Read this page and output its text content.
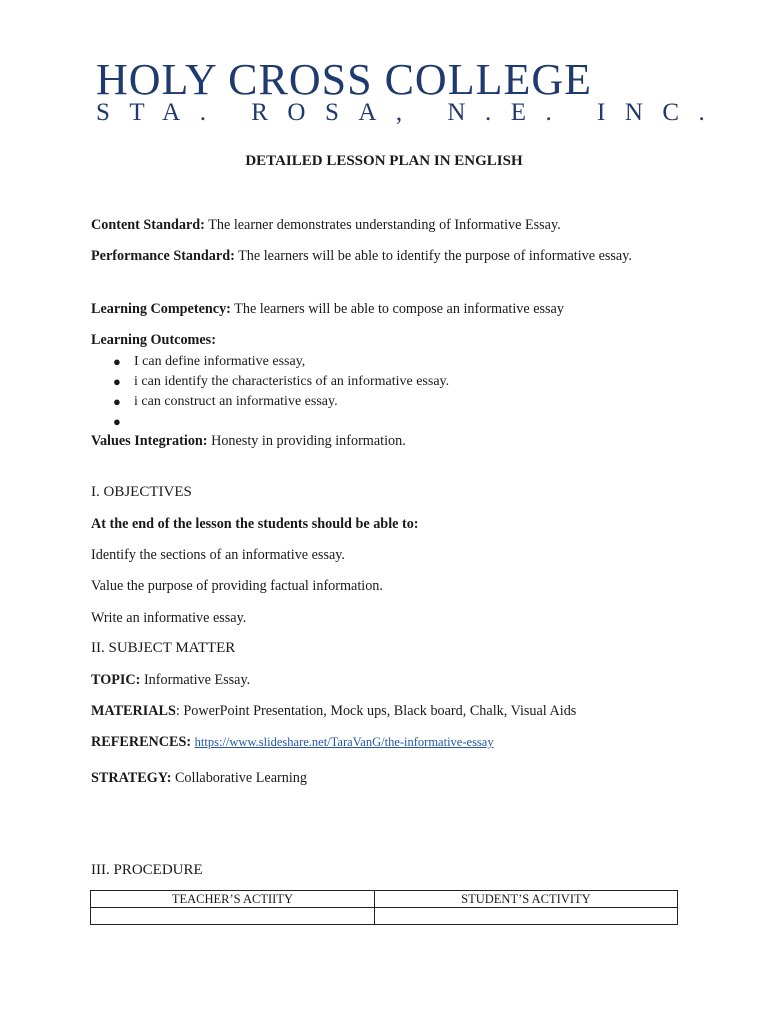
HOLY CROSS COLLEGE
STA. ROSA, N.E. INC.
DETAILED LESSON PLAN IN ENGLISH
Content Standard: The learner demonstrates understanding of Informative Essay.
Performance Standard: The learners will be able to identify the purpose of informative essay.
Learning Competency: The learners will be able to compose an informative essay
Learning Outcomes:
● I can define informative essay,
● i can identify the characteristics of an informative essay.
● i can construct an informative essay.
●
Values Integration: Honesty in providing information.
I. OBJECTIVES
At the end of the lesson the students should be able to:
Identify the sections of an informative essay.
Value the purpose of providing factual information.
Write an informative essay.
II. SUBJECT MATTER
TOPIC: Informative Essay.
MATERIALS: PowerPoint Presentation, Mock ups, Black board, Chalk, Visual Aids
REFERENCES: https://www.slideshare.net/TaraVanG/the-informative-essay
STRATEGY: Collaborative Learning
III. PROCEDURE
TEACHER’S ACTIITY	STUDENT’S ACTIVITY
